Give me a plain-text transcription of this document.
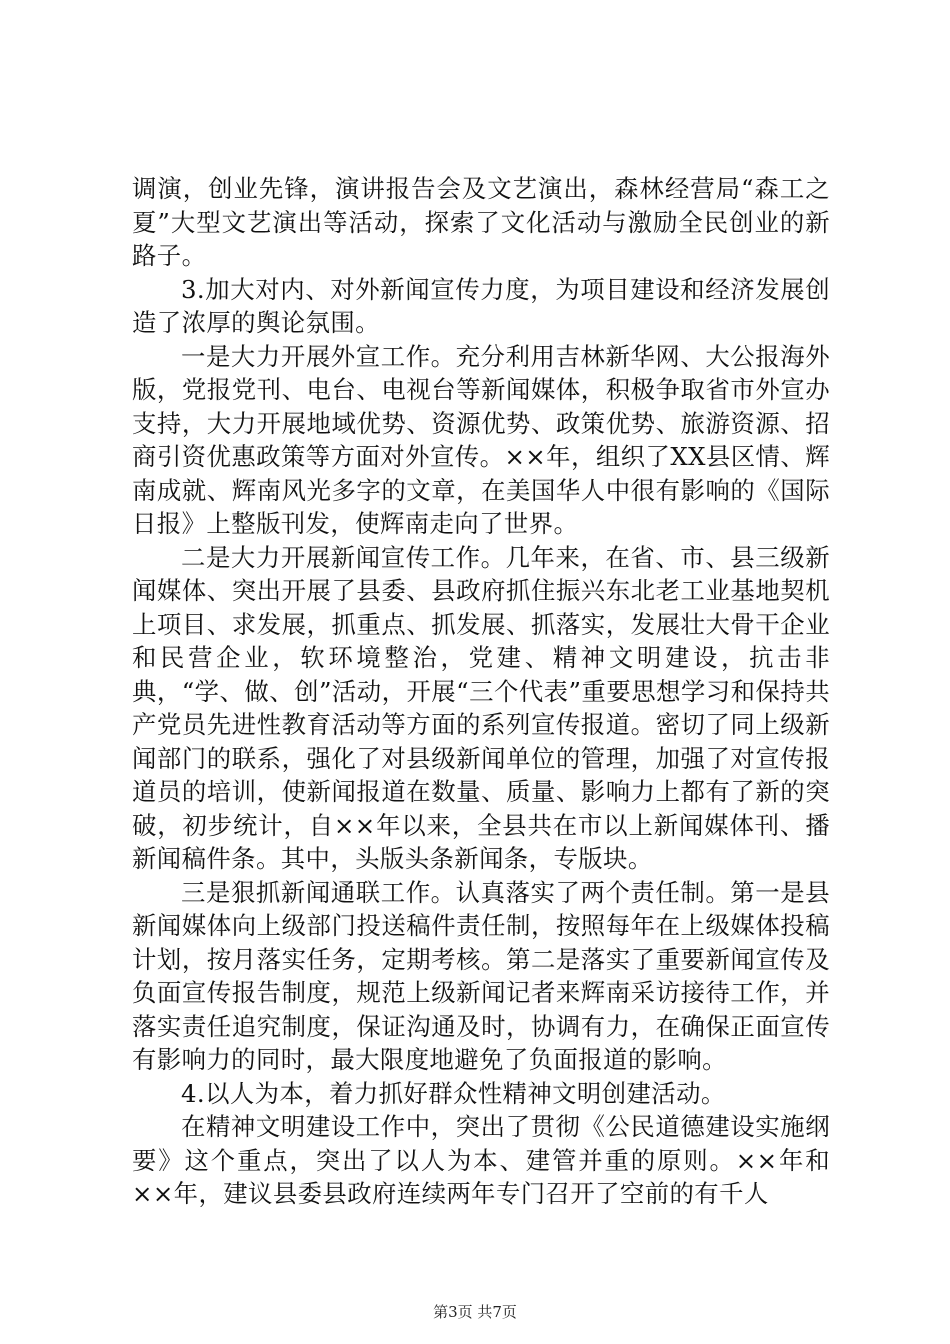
调演，创业先锋，演讲报告会及文艺演出，森林经营局“森工之夏”大型文艺演出等活动，探索了文化活动与激励全民创业的新路子。

3.加大对内、对外新闻宣传力度，为项目建设和经济发展创造了浓厚的舆论氛围。

一是大力开展外宣工作。充分利用吉林新华网、大公报海外版，党报党刊、电台、电视台等新闻媒体，积极争取省市外宣办支持，大力开展地域优势、资源优势、政策优势、旅游资源、招商引资优惠政策等方面对外宣传。××年，组织了XX县区情、辉南成就、辉南风光多字的文章，在美国华人中很有影响的《国际日报》上整版刊发，使辉南走向了世界。

二是大力开展新闻宣传工作。几年来，在省、市、县三级新闻媒体、突出开展了县委、县政府抓住振兴东北老工业基地契机上项目、求发展，抓重点、抓发展、抓落实，发展壮大骨干企业和民营企业，软环境整治，党建、精神文明建设，抗击非典，“学、做、创”活动，开展“三个代表”重要思想学习和保持共产党员先进性教育活动等方面的系列宣传报道。密切了同上级新闻部门的联系，强化了对县级新闻单位的管理，加强了对宣传报道员的培训，使新闻报道在数量、质量、影响力上都有了新的突破，初步统计，自××年以来，全县共在市以上新闻媒体刊、播新闻稿件条。其中，头版头条新闻条，专版块。

三是狠抓新闻通联工作。认真落实了两个责任制。第一是县新闻媒体向上级部门投送稿件责任制，按照每年在上级媒体投稿计划，按月落实任务，定期考核。第二是落实了重要新闻宣传及负面宣传报告制度，规范上级新闻记者来辉南采访接待工作，并落实责任追究制度，保证沟通及时，协调有力，在确保正面宣传有影响力的同时，最大限度地避免了负面报道的影响。

4.以人为本，着力抓好群众性精神文明创建活动。

在精神文明建设工作中，突出了贯彻《公民道德建设实施纲要》这个重点，突出了以人为本、建管并重的原则。××年和××年，建议县委县政府连续两年专门召开了空前的有千人

第3页 共7页
